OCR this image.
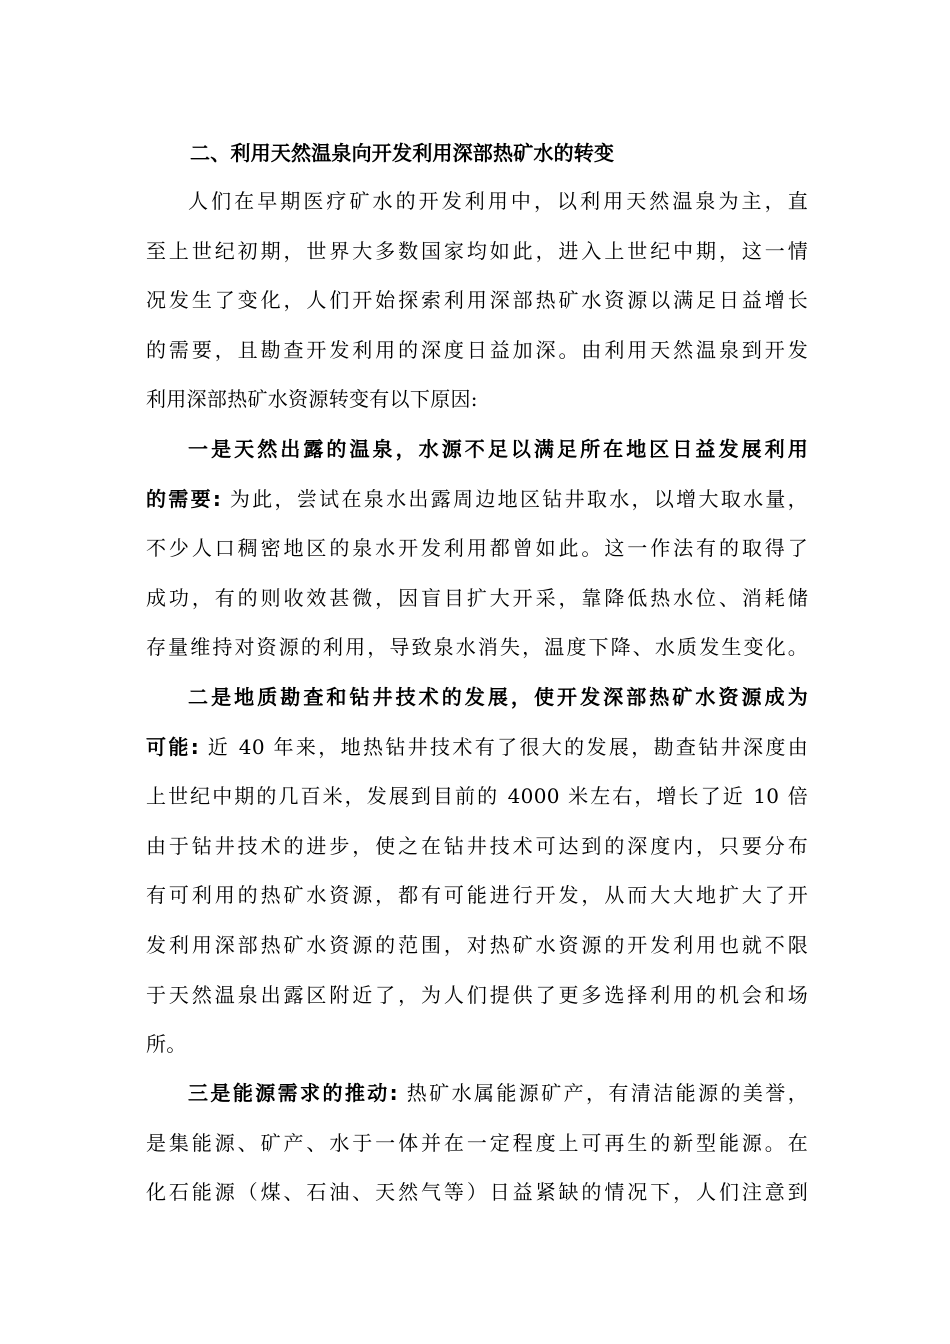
二、利用天然温泉向开发利用深部热矿水的转变
人们在早期医疗矿水的开发利用中，以利用天然温泉为主，直
至上世纪初期，世界大多数国家均如此，进入上世纪中期，这一情
况发生了变化，人们开始探索利用深部热矿水资源以满足日益增长
的需要，且勘查开发利用的深度日益加深。由利用天然温泉到开发
利用深部热矿水资源转变有以下原因:
一是天然出露的温泉，水源不足以满足所在地区日益发展利用
的需要: 为此，尝试在泉水出露周边地区钻井取水，以增大取水量，
不少人口稠密地区的泉水开发利用都曾如此。这一作法有的取得了
成功，有的则收效甚微，因盲目扩大开采，靠降低热水位、消耗储
存量维持对资源的利用，导致泉水消失，温度下降、水质发生变化。
二是地质勘查和钻井技术的发展，使开发深部热矿水资源成为
可能: 近 40 年来，地热钻井技术有了很大的发展，勘查钻井深度由
上世纪中期的几百米，发展到目前的 4000 米左右，增长了近 10 倍
由于钻井技术的进步，使之在钻井技术可达到的深度内，只要分布
有可利用的热矿水资源，都有可能进行开发，从而大大地扩大了开
发利用深部热矿水资源的范围，对热矿水资源的开发利用也就不限
于天然温泉出露区附近了，为人们提供了更多选择利用的机会和场
所。
三是能源需求的推动: 热矿水属能源矿产，有清洁能源的美誉，
是集能源、矿产、水于一体并在一定程度上可再生的新型能源。在
化石能源（煤、石油、天然气等）日益紧缺的情况下，人们注意到
